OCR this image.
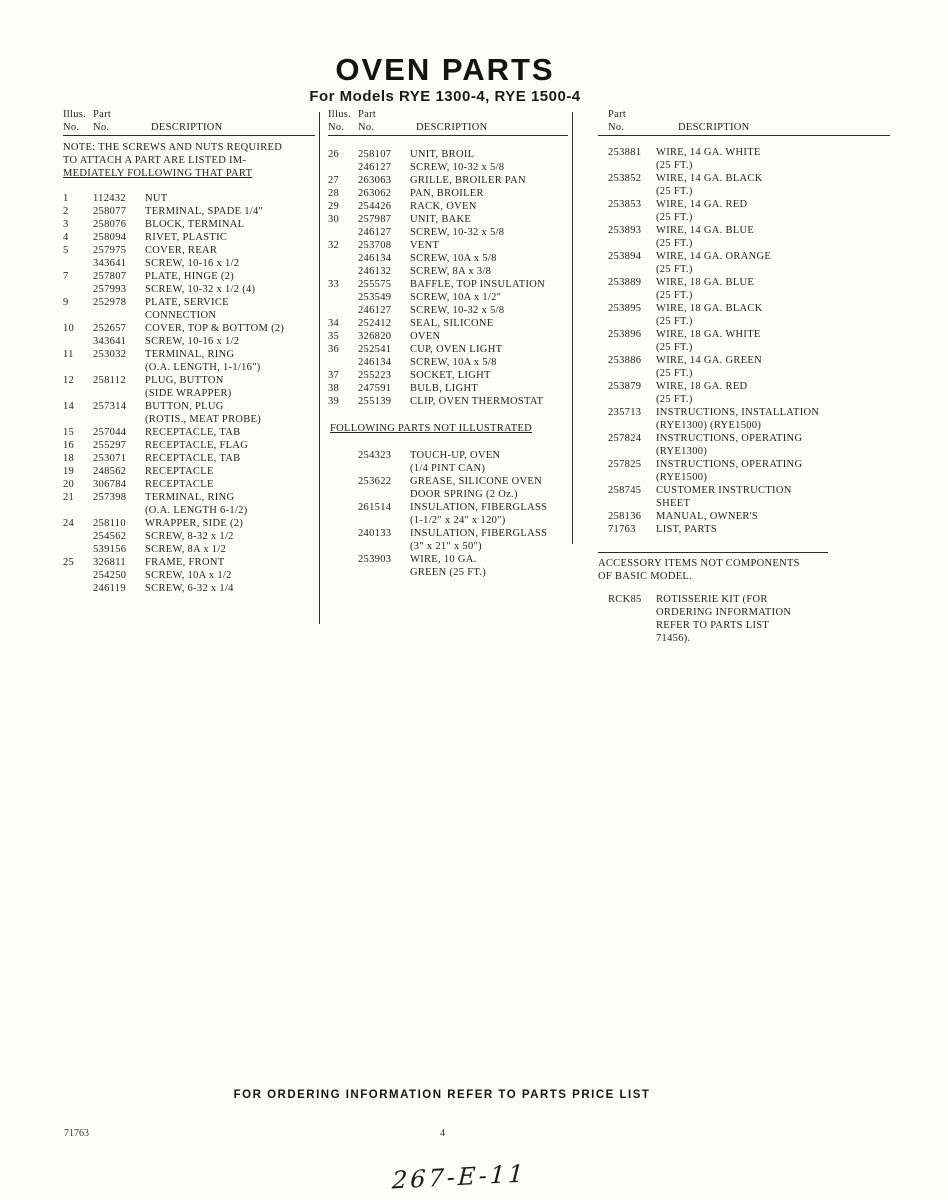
OVEN PARTS
For Models RYE 1300-4, RYE 1500-4
Illus. Part
No.	No.	DESCRIPTION
NOTE: THE SCREWS AND NUTS REQUIRED
TO ATTACH A PART ARE LISTED IM-
MEDIATELY FOLLOWING THAT PART
1	112432	NUT
2	258077	TERMINAL, SPADE 1/4"
3	258076	BLOCK, TERMINAL
4	258094	RIVET, PLASTIC
5	257975	COVER, REAR
343641	SCREW, 10-16 x 1/2
7	257807	PLATE, HINGE (2)
257993	SCREW, 10-32 x 1/2 (4)
9	252978	PLATE, SERVICE
CONNECTION
10	252657	COVER, TOP & BOTTOM (2)
343641	SCREW, 10-16 x 1/2
11	253032	TERMINAL, RING
(O.A. LENGTH, 1-1/16")
12	258112	PLUG, BUTTON
(SIDE WRAPPER)
14	257314	BUTTON, PLUG
(ROTIS., MEAT PROBE)
15	257044	RECEPTACLE, TAB
16	255297	RECEPTACLE, FLAG
18	253071	RECEPTACLE, TAB
19	248562	RECEPTACLE
20	306784	RECEPTACLE
21	257398	TERMINAL, RING
(O.A. LENGTH 6-1/2)
24	258110	WRAPPER, SIDE (2)
254562	SCREW, 8-32 x 1/2
539156	SCREW, 8A x 1/2
25	326811	FRAME, FRONT
254250	SCREW, 10A x 1/2
246119	SCREW, 6-32 x 1/4
Illus. Part
No.	No.	DESCRIPTION
26	258107	UNIT, BROIL
246127	SCREW, 10-32 x 5/8
27	263063	GRILLE, BROILER PAN
28	263062	PAN, BROILER
29	254426	RACK, OVEN
30	257987	UNIT, BAKE
246127	SCREW, 10-32 x 5/8
32	253708	VENT
246134	SCREW, 10A x 5/8
246132	SCREW, 8A x 3/8
33	255575	BAFFLE, TOP INSULATION
253549	SCREW, 10A x 1/2"
246127	SCREW, 10-32 x 5/8
34	252412	SEAL, SILICONE
35	326820	OVEN
36	252541	CUP, OVEN LIGHT
246134	SCREW, 10A x 5/8
37	255223	SOCKET, LIGHT
38	247591	BULB, LIGHT
39	255139	CLIP, OVEN THERMOSTAT
FOLLOWING PARTS NOT ILLUSTRATED
254323	TOUCH-UP, OVEN
(1/4 PINT CAN)
253622	GREASE, SILICONE OVEN
DOOR SPRING (2 Oz.)
261514	INSULATION, FIBERGLASS
(1-1/2" x 24" x 120")
240133	INSULATION, FIBERGLASS
(3" x 21" x 50")
253903	WIRE, 10 GA.
GREEN (25 FT.)
Part
No.	DESCRIPTION
253881	WIRE, 14 GA. WHITE
(25 FT.)
253852	WIRE, 14 GA. BLACK
(25 FT.)
253853	WIRE, 14 GA. RED
(25 FT.)
253893	WIRE, 14 GA. BLUE
(25 FT.)
253894	WIRE, 14 GA. ORANGE
(25 FT.)
253889	WIRE, 18 GA. BLUE
(25 FT.)
253895	WIRE, 18 GA. BLACK
(25 FT.)
253896	WIRE, 18 GA. WHITE
(25 FT.)
253886	WIRE, 14 GA. GREEN
(25 FT.)
253879	WIRE, 18 GA. RED
(25 FT.)
235713	INSTRUCTIONS, INSTALLATION
(RYE1300) (RYE1500)
257824	INSTRUCTIONS, OPERATING
(RYE1300)
257825	INSTRUCTIONS, OPERATING
(RYE1500)
258745	CUSTOMER INSTRUCTION
SHEET
258136	MANUAL, OWNER'S
71763	LIST, PARTS
ACCESSORY ITEMS NOT COMPONENTS
OF BASIC MODEL.
RCK85	ROTISSERIE KIT (FOR
ORDERING INFORMATION
REFER TO PARTS LIST
71456).
FOR ORDERING INFORMATION REFER TO PARTS PRICE LIST
4
71763
267-E-11
